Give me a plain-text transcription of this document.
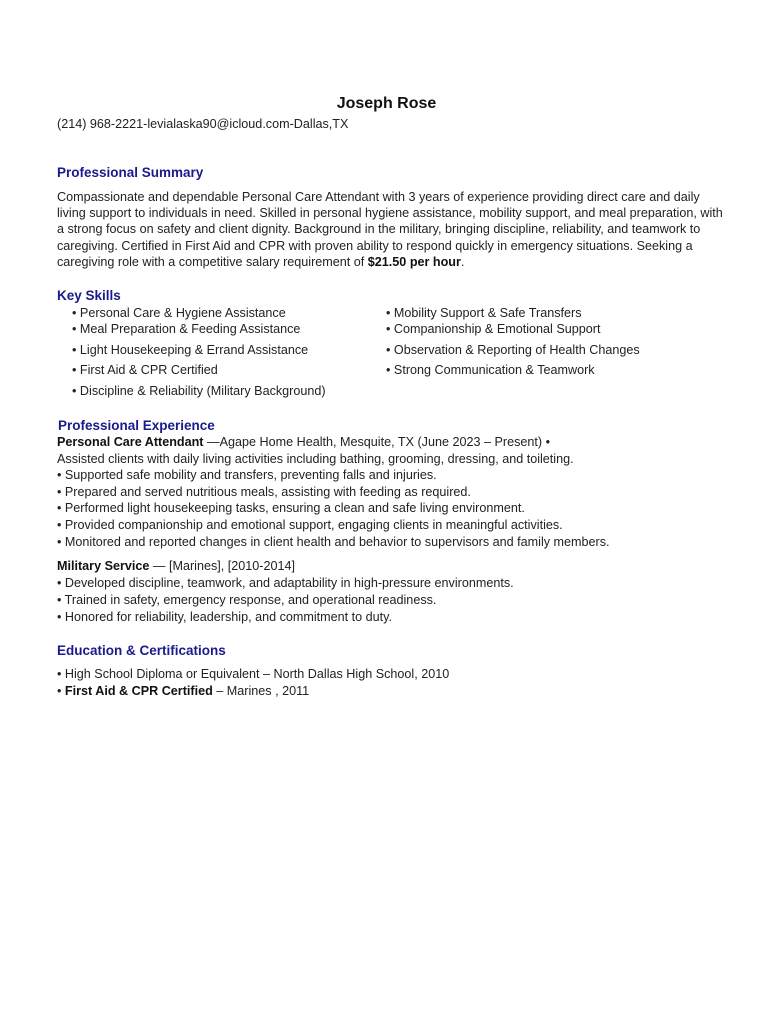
Joseph Rose
(214) 968-2221-levialaska90@icloud.com-Dallas,TX
Professional Summary
Compassionate and dependable Personal Care Attendant with 3 years of experience providing direct care and daily living support to individuals in need. Skilled in personal hygiene assistance, mobility support, and meal preparation, with a strong focus on safety and client dignity. Background in the military, bringing discipline, reliability, and teamwork to caregiving. Certified in First Aid and CPR with proven ability to respond quickly in emergency situations. Seeking a caregiving role with a competitive salary requirement of $21.50 per hour.
Key Skills
• Personal Care & Hygiene Assistance
• Meal Preparation & Feeding Assistance
• Light Housekeeping & Errand Assistance
• First Aid & CPR Certified
• Discipline & Reliability (Military Background)
• Mobility Support & Safe Transfers
• Companionship & Emotional Support
• Observation & Reporting of Health Changes
• Strong Communication & Teamwork
Professional Experience
Personal Care Attendant —Agape Home Health, Mesquite, TX (June 2023 – Present) •
Assisted clients with daily living activities including bathing, grooming, dressing, and toileting.
• Supported safe mobility and transfers, preventing falls and injuries.
• Prepared and served nutritious meals, assisting with feeding as required.
• Performed light housekeeping tasks, ensuring a clean and safe living environment.
• Provided companionship and emotional support, engaging clients in meaningful activities.
• Monitored and reported changes in client health and behavior to supervisors and family members.
Military Service — [Marines], [2010-2014]
• Developed discipline, teamwork, and adaptability in high-pressure environments.
• Trained in safety, emergency response, and operational readiness.
• Honored for reliability, leadership, and commitment to duty.
Education & Certifications
• High School Diploma or Equivalent – North Dallas High School, 2010
• First Aid & CPR Certified – Marines , 2011
